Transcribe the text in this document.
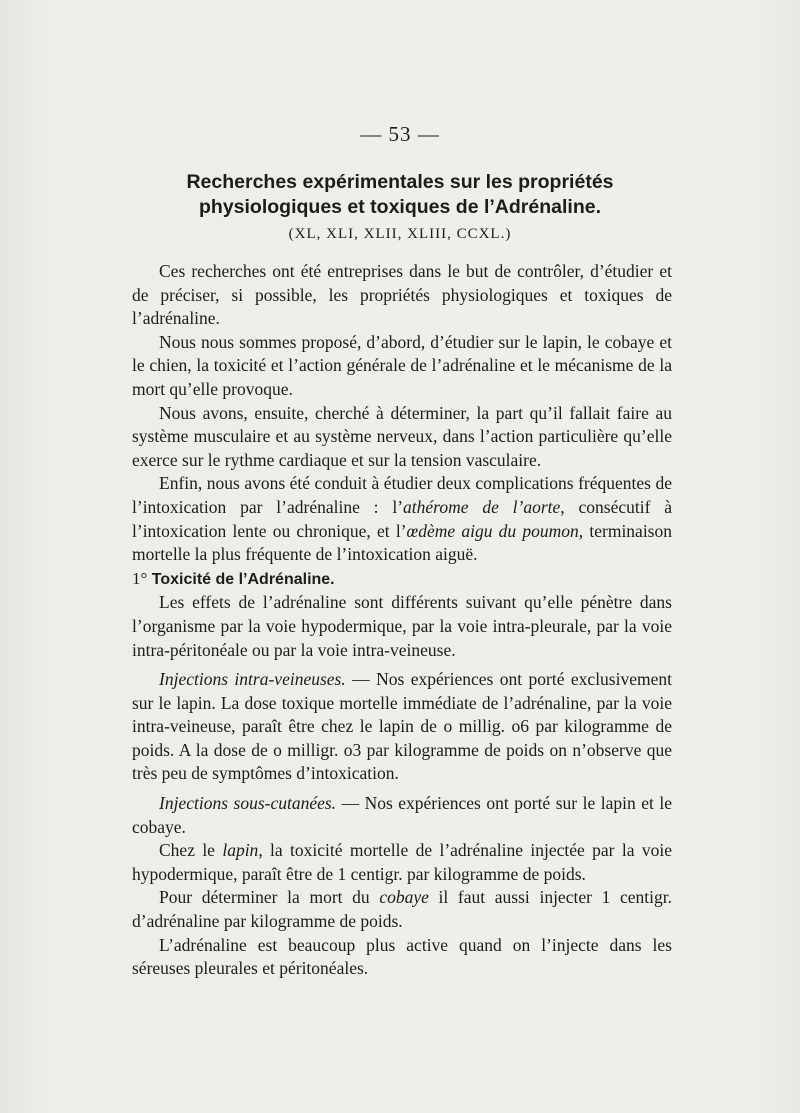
— 53 —
Recherches expérimentales sur les propriétés
physiologiques et toxiques de l’Adrénaline.
(XL, XLI, XLII, XLIII, CCXL.)

Ces recherches ont été entreprises dans le but de contrôler, d’étudier et de préciser, si possible, les propriétés physiologiques et toxiques de l’adrénaline.

Nous nous sommes proposé, d’abord, d’étudier sur le lapin, le cobaye et le chien, la toxicité et l’action générale de l’adrénaline et le mécanisme de la mort qu’elle provoque.

Nous avons, ensuite, cherché à déterminer, la part qu’il fallait faire au système musculaire et au système nerveux, dans l’action particulière qu’elle exerce sur le rythme cardiaque et sur la tension vasculaire.

Enfin, nous avons été conduit à étudier deux complications fréquentes de l’intoxication par l’adrénaline : l’athérome de l’aorte, consécutif à l’intoxication lente ou chronique, et l’œdème aigu du poumon, terminaison mortelle la plus fréquente de l’intoxication aiguë.

1° Toxicité de l’Adrénaline.

Les effets de l’adrénaline sont différents suivant qu’elle pénètre dans l’organisme par la voie hypodermique, par la voie intra-pleurale, par la voie intra-péritonéale ou par la voie intra-veineuse.

Injections intra-veineuses. — Nos expériences ont porté exclusivement sur le lapin. La dose toxique mortelle immédiate de l’adrénaline, par la voie intra-veineuse, paraît être chez le lapin de o millig. o6 par kilogramme de poids. A la dose de o milligr. o3 par kilogramme de poids on n’observe que très peu de symptômes d’intoxication.

Injections sous-cutanées. — Nos expériences ont porté sur le lapin et le cobaye.

Chez le lapin, la toxicité mortelle de l’adrénaline injectée par la voie hypodermique, paraît être de 1 centigr. par kilogramme de poids.

Pour déterminer la mort du cobaye il faut aussi injecter 1 centigr. d’adrénaline par kilogramme de poids.

L’adrénaline est beaucoup plus active quand on l’injecte dans les séreuses pleurales et péritonéales.
